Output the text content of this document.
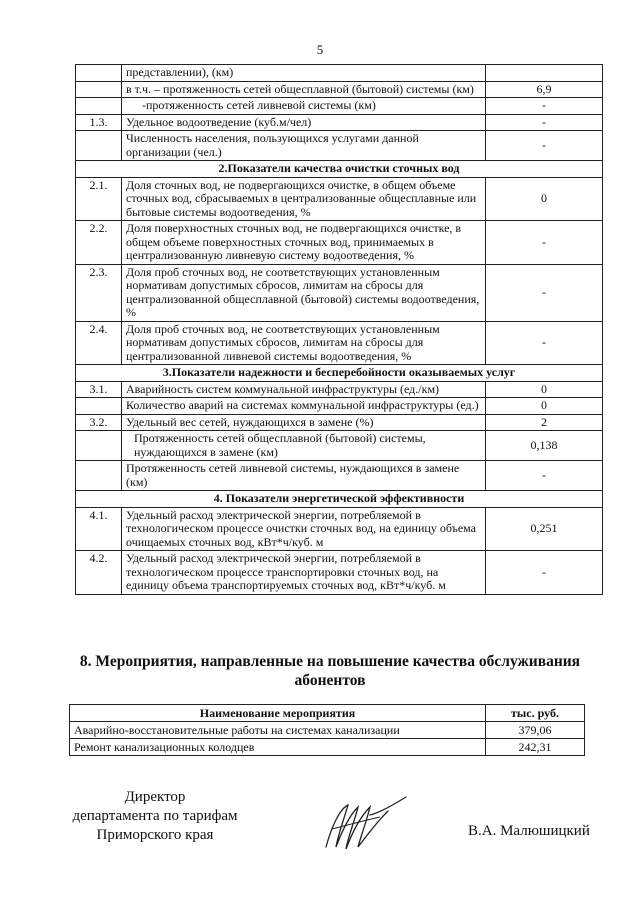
5
	представлении), (км)	
	в т.ч. – протяженность сетей общесплавной (бытовой) системы (км)	6,9
	-протяженность сетей ливневой системы (км)	-
1.3.	Удельное водоотведение (куб.м/чел)	-
	Численность населения, пользующихся услугами данной организации (чел.)	-
2.Показатели качества очистки сточных вод		
2.1.	Доля сточных вод, не подвергающихся очистке, в общем объеме сточных вод, сбрасываемых в централизованные общесплавные или бытовые системы водоотведения, %	0
2.2.	Доля поверхностных сточных вод, не подвергающихся очистке, в общем объеме поверхностных сточных вод, принимаемых в централизованную ливневую систему водоотведения, %	-
2.3.	Доля проб сточных вод, не соответствующих установленным нормативам допустимых сбросов, лимитам на сбросы для централизованной общесплавной (бытовой) системы водоотведения, %	-
2.4.	Доля проб сточных вод, не соответствующих установленным нормативам допустимых сбросов, лимитам на сбросы для централизованной ливневой системы водоотведения, %	-
3.Показатели надежности и бесперебойности оказываемых услуг		
3.1.	Аварийность систем коммунальной инфраструктуры (ед./км)	0
	Количество аварий на системах коммунальной инфраструктуры (ед.)	0
3.2.	Удельный вес сетей, нуждающихся в замене (%)	2
	Протяженность сетей общесплавной (бытовой) системы, нуждающихся в замене (км)	0,138
	Протяженность сетей ливневой системы, нуждающихся в замене (км)	-
4. Показатели энергетической эффективности		
4.1.	Удельный расход электрической энергии, потребляемой в технологическом процессе очистки сточных вод, на единицу объема очищаемых сточных вод, кВт*ч/куб. м	0,251
4.2.	Удельный расход электрической энергии, потребляемой в технологическом процессе транспортировки сточных вод, на единицу объема транспортируемых сточных вод, кВт*ч/куб. м	-
8. Мероприятия, направленные на повышение качества обслуживания абонентов
Наименование мероприятия	тыс. руб.
Аварийно-восстановительные работы на системах канализации	379,06
Ремонт канализационных колодцев	242,31
Директор
департамента по тарифам
Приморского края	В.А. Малюшицкий
